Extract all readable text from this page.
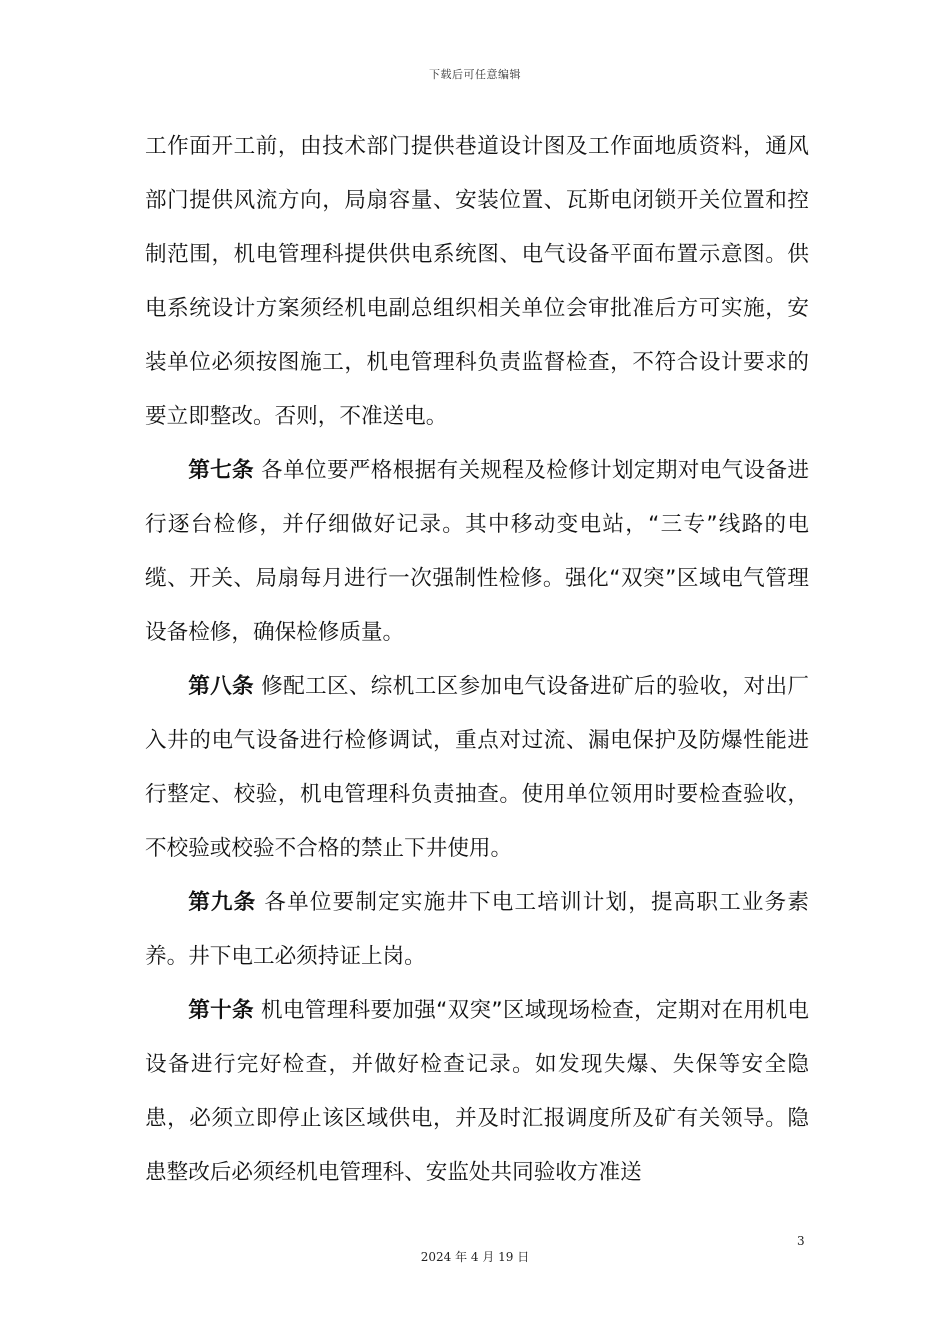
下载后可任意编辑

工作面开工前，由技术部门提供巷道设计图及工作面地质资料，通风部门提供风流方向，局扇容量、安装位置、瓦斯电闭锁开关位置和控制范围，机电管理科提供供电系统图、电气设备平面布置示意图。供电系统设计方案须经机电副总组织相关单位会审批准后方可实施，安装单位必须按图施工，机电管理科负责监督检查，不符合设计要求的要立即整改。否则，不准送电。

第七条 各单位要严格根据有关规程及检修计划定期对电气设备进行逐台检修，并仔细做好记录。其中移动变电站，“三专”线路的电缆、开关、局扇每月进行一次强制性检修。强化“双突”区域电气管理设备检修，确保检修质量。

第八条 修配工区、综机工区参加电气设备进矿后的验收，对出厂入井的电气设备进行检修调试，重点对过流、漏电保护及防爆性能进行整定、校验，机电管理科负责抽查。使用单位领用时要检查验收，不校验或校验不合格的禁止下井使用。

第九条 各单位要制定实施井下电工培训计划，提高职工业务素养。井下电工必须持证上岗。

第十条 机电管理科要加强“双突”区域现场检查，定期对在用机电设备进行完好检查，并做好检查记录。如发现失爆、失保等安全隐患，必须立即停止该区域供电，并及时汇报调度所及矿有关领导。隐患整改后必须经机电管理科、安监处共同验收方准送

3
2024 年 4 月 19 日
